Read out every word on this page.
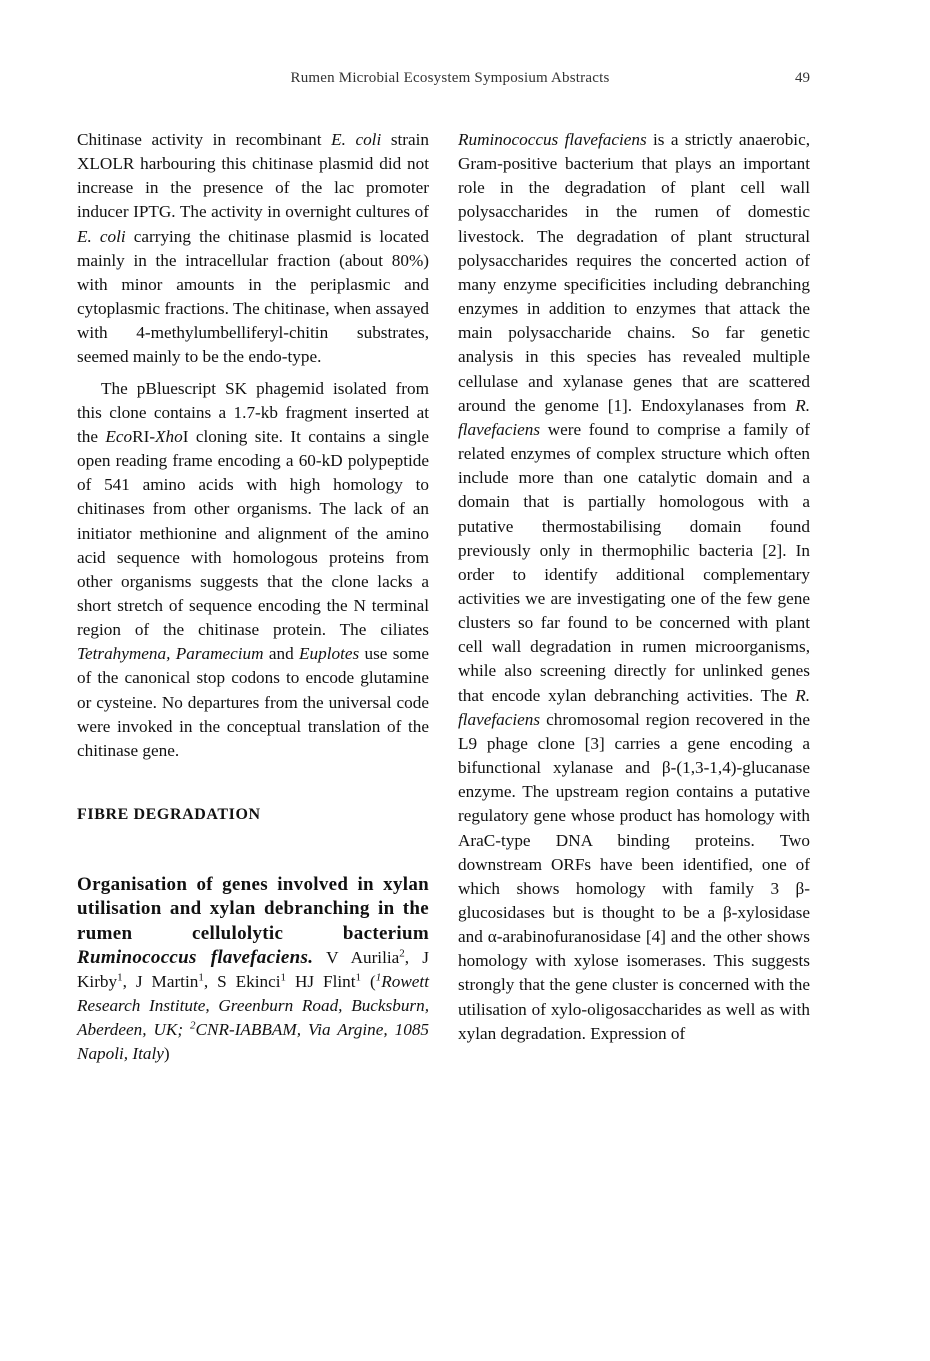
Rumen Microbial Ecosystem Symposium Abstracts	49

Chitinase activity in recombinant E. coli strain XLOLR harbouring this chitinase plasmid did not increase in the presence of the lac promoter inducer IPTG. The activity in overnight cultures of E. coli carrying the chitinase plasmid is located mainly in the intracellular fraction (about 80%) with minor amounts in the periplasmic and cytoplasmic fractions. The chitinase, when assayed with 4-methylumbelliferyl-chitin substrates, seemed mainly to be the endo-type.

The pBluescript SK phagemid isolated from this clone contains a 1.7-kb fragment inserted at the EcoRI-XhoI cloning site. It contains a single open reading frame encoding a 60-kD polypeptide of 541 amino acids with high homology to chitinases from other organisms. The lack of an initiator methionine and alignment of the amino acid sequence with homologous proteins from other organisms suggests that the clone lacks a short stretch of sequence encoding the N terminal region of the chitinase protein. The ciliates Tetrahymena, Paramecium and Euplotes use some of the canonical stop codons to encode glutamine or cysteine. No departures from the universal code were invoked in the conceptual translation of the chitinase gene.

FIBRE DEGRADATION
Organisation of genes involved in xylan utilisation and xylan debranching in the rumen cellulolytic bacterium Ruminococcus flavefaciens. V Aurilia$^2$, J Kirby$^1$, J Martin$^1$, S Ekinci$^1$ HJ Flint$^1$ ($^1$Rowett Research Institute, Greenburn Road, Bucksburn, Aberdeen, UK; $^2$CNR-IABBAM, Via Argine, 1085 Napoli, Italy)

Ruminococcus flavefaciens is a strictly anaerobic, Gram-positive bacterium that plays an important role in the degradation of plant cell wall polysaccharides in the rumen of domestic livestock. The degradation of plant structural polysaccharides requires the concerted action of many enzyme specificities including debranching enzymes in addition to enzymes that attack the main polysaccharide chains. So far genetic analysis in this species has revealed multiple cellulase and xylanase genes that are scattered around the genome [1]. Endoxylanases from R. flavefaciens were found to comprise a family of related enzymes of complex structure which often include more than one catalytic domain and a domain that is partially homologous with a putative thermostabilising domain found previously only in thermophilic bacteria [2]. In order to identify additional complementary activities we are investigating one of the few gene clusters so far found to be concerned with plant cell wall degradation in rumen microorganisms, while also screening directly for unlinked genes that encode xylan debranching activities. The R. flavefaciens chromosomal region recovered in the L9 phage clone [3] carries a gene encoding a bifunctional xylanase and β-(1,3-1,4)-glucanase enzyme. The upstream region contains a putative regulatory gene whose product has homology with AraC-type DNA binding proteins. Two downstream ORFs have been identified, one of which shows homology with family 3 β-glucosidases but is thought to be a β-xylosidase and α-arabinofuranosidase [4] and the other shows homology with xylose isomerases. This suggests strongly that the gene cluster is concerned with the utilisation of xylo-oligosaccharides as well as with xylan degradation. Expression of
